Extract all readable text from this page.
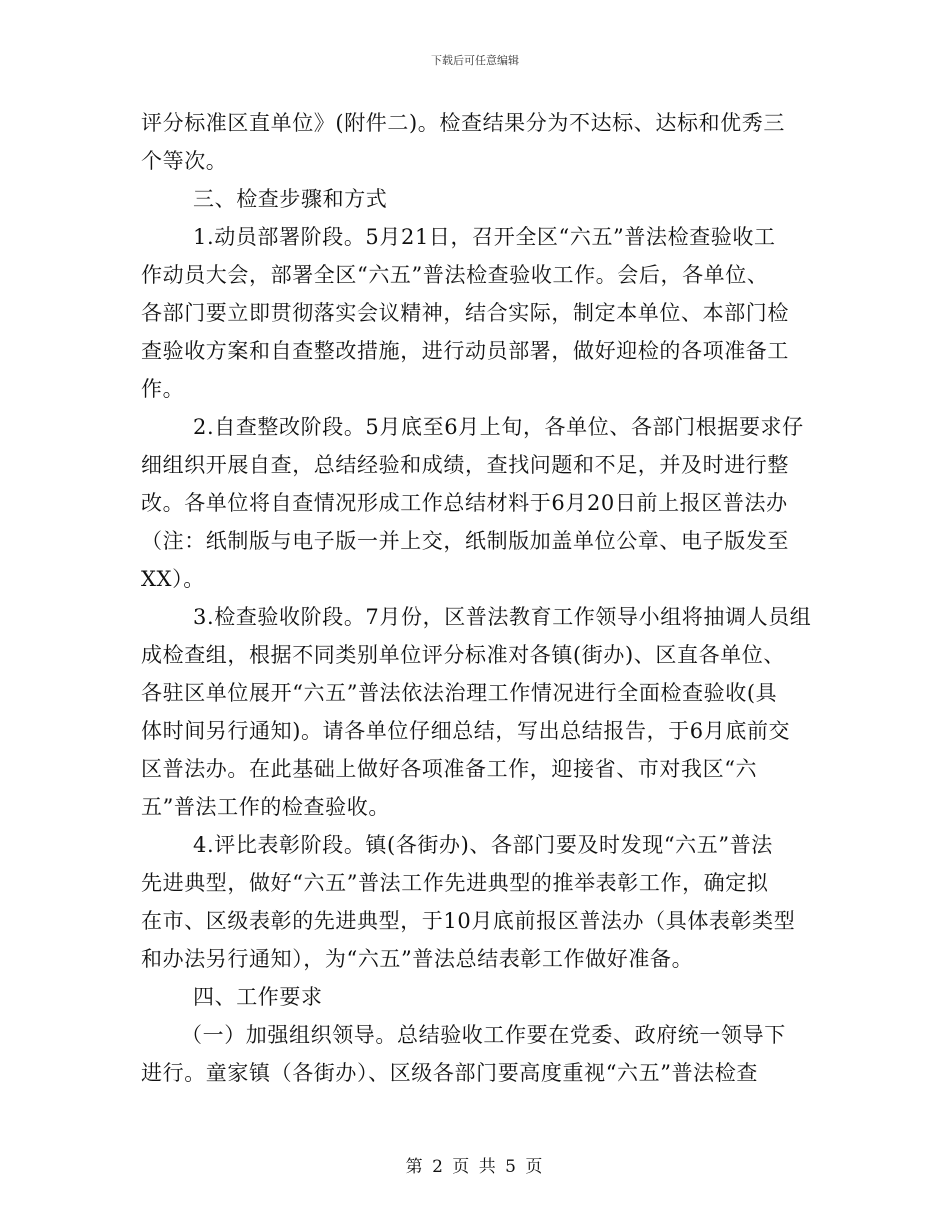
下载后可任意编辑
评分标准区直单位》(附件二)。检查结果分为不达标、达标和优秀三
个等次。
三、检查步骤和方式
1.动员部署阶段。5月21日，召开全区“六五”普法检查验收工
作动员大会，部署全区“六五”普法检查验收工作。会后，各单位、
各部门要立即贯彻落实会议精神，结合实际，制定本单位、本部门检
查验收方案和自查整改措施，进行动员部署，做好迎检的各项准备工
作。
2.自查整改阶段。5月底至6月上旬，各单位、各部门根据要求仔
细组织开展自查，总结经验和成绩，查找问题和不足，并及时进行整
改。各单位将自查情况形成工作总结材料于6月20日前上报区普法办
（注：纸制版与电子版一并上交，纸制版加盖单位公章、电子版发至
XX）。
3.检查验收阶段。7月份，区普法教育工作领导小组将抽调人员组
成检查组，根据不同类别单位评分标准对各镇(街办)、区直各单位、
各驻区单位展开“六五”普法依法治理工作情况进行全面检查验收(具
体时间另行通知)。请各单位仔细总结，写出总结报告，于6月底前交
区普法办。在此基础上做好各项准备工作，迎接省、市对我区“六
五”普法工作的检查验收。
4.评比表彰阶段。镇(各街办)、各部门要及时发现“六五”普法
先进典型，做好“六五”普法工作先进典型的推举表彰工作，确定拟
在市、区级表彰的先进典型，于10月底前报区普法办（具体表彰类型
和办法另行通知），为“六五”普法总结表彰工作做好准备。
四、工作要求
（一）加强组织领导。总结验收工作要在党委、政府统一领导下
进行。童家镇（各街办）、区级各部门要高度重视“六五”普法检查
第 2 页 共 5 页
